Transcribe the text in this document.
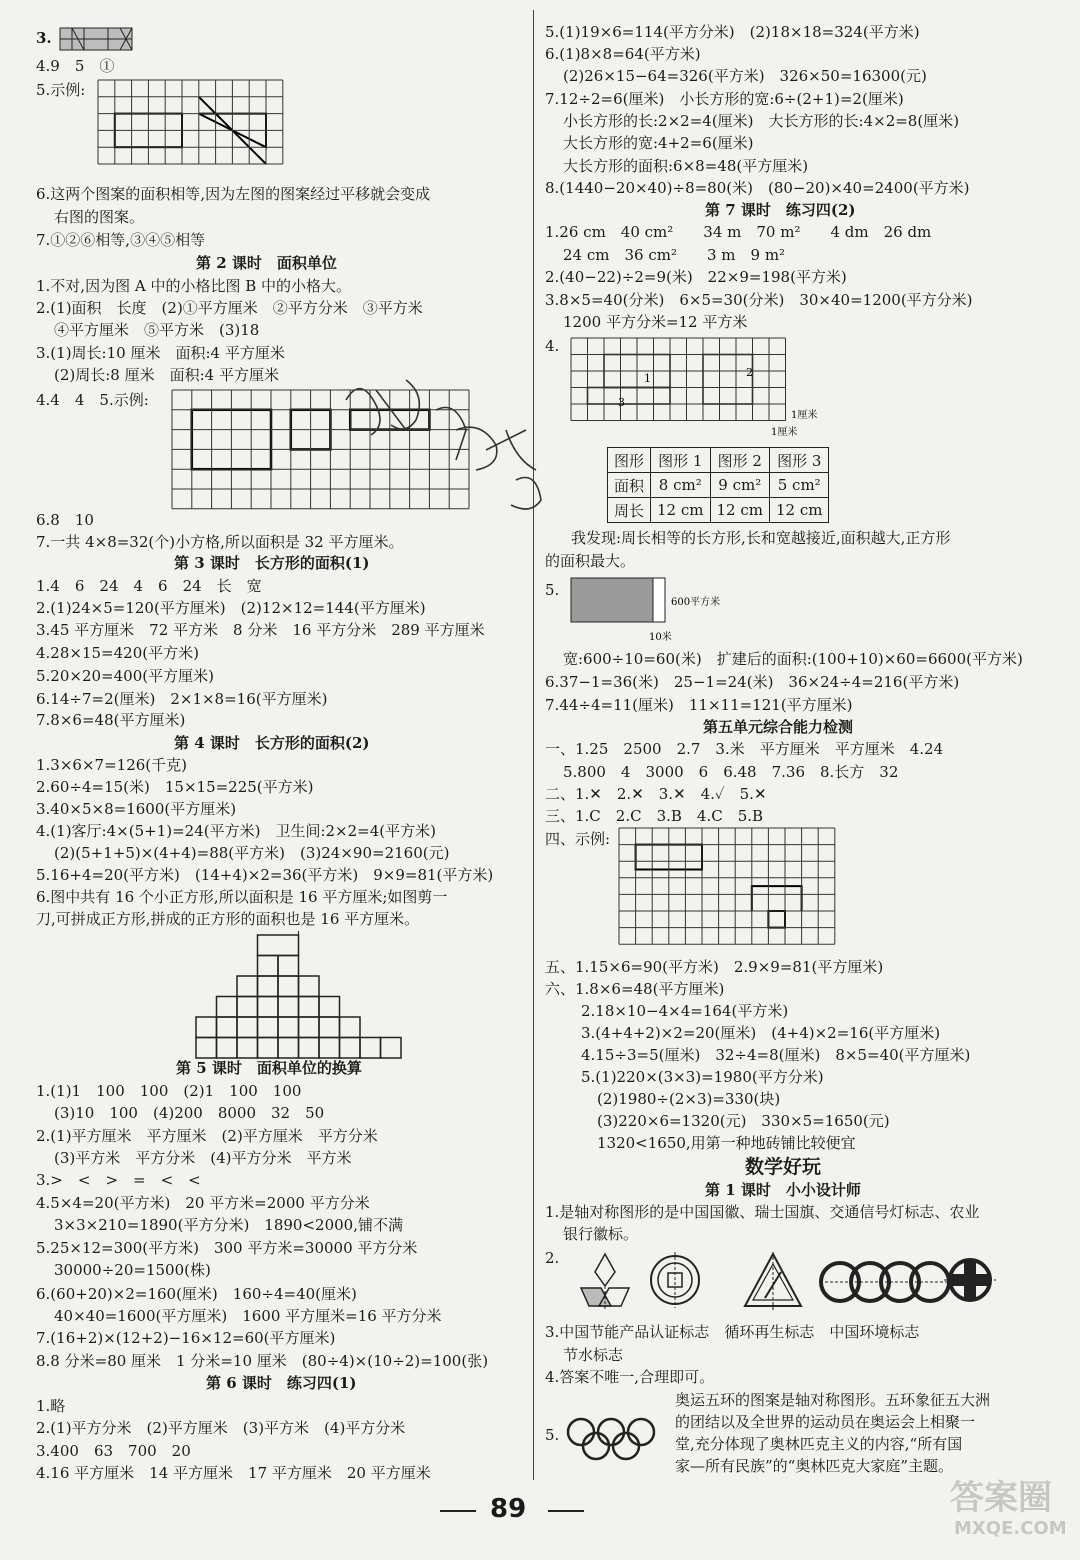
3.
4.9　5　①
5.示例:
6.这两个图案的面积相等,因为左图的图案经过平移就会变成
右图的图案。
7.①②⑥相等,③④⑤相等
第 2 课时　面积单位
1.不对,因为图 A 中的小格比图 B 中的小格大。
2.(1)面积　长度　(2)①平方厘米　②平方分米　③平方米
④平方厘米　⑤平方米　(3)18
3.(1)周长:10 厘米　面积:4 平方厘米
(2)周长:8 厘米　面积:4 平方厘米
4.4　4　5.示例:
6.8　10
7.一共 4×8=32(个)小方格,所以面积是 32 平方厘米。
第 3 课时　长方形的面积(1)
1.4　6　24　4　6　24　长　宽
2.(1)24×5=120(平方厘米)　(2)12×12=144(平方厘米)
3.45 平方厘米　72 平方米　8 分米　16 平方分米　289 平方厘米
4.28×15=420(平方米)
5.20×20=400(平方厘米)
6.14÷7=2(厘米)　2×1×8=16(平方厘米)
7.8×6=48(平方厘米)
第 4 课时　长方形的面积(2)
1.3×6×7=126(千克)
2.60÷4=15(米)　15×15=225(平方米)
3.40×5×8=1600(平方厘米)
4.(1)客厅:4×(5+1)=24(平方米)　卫生间:2×2=4(平方米)
(2)(5+1+5)×(4+4)=88(平方米)　(3)24×90=2160(元)
5.16+4=20(平方米)　(14+4)×2=36(平方米)　9×9=81(平方米)
6.图中共有 16 个小正方形,所以面积是 16 平方厘米;如图剪一
刀,可拼成正方形,拼成的正方形的面积也是 16 平方厘米。
第 5 课时　面积单位的换算
1.(1)1　100　100　(2)1　100　100
(3)10　100　(4)200　8000　32　50
2.(1)平方厘米　平方厘米　(2)平方厘米　平方分米
(3)平方米　平方分米　(4)平方分米　平方米
3.>　<　>　=　<　<
4.5×4=20(平方米)　20 平方米=2000 平方分米
3×3×210=1890(平方分米)　1890<2000,铺不满
5.25×12=300(平方米)　300 平方米=30000 平方分米
30000÷20=1500(株)
6.(60+20)×2=160(厘米)　160÷4=40(厘米)
40×40=1600(平方厘米)　1600 平方厘米=16 平方分米
7.(16+2)×(12+2)−16×12=60(平方厘米)
8.8 分米=80 厘米　1 分米=10 厘米　(80÷4)×(10÷2)=100(张)
第 6 课时　练习四(1)
1.略
2.(1)平方分米　(2)平方厘米　(3)平方米　(4)平方分米
3.400　63　700　20
4.16 平方厘米　14 平方厘米　17 平方厘米　20 平方厘米
5.(1)19×6=114(平方分米)　(2)18×18=324(平方米)
6.(1)8×8=64(平方米)
(2)26×15−64=326(平方米)　326×50=16300(元)
7.12÷2=6(厘米)　小长方形的宽:6÷(2+1)=2(厘米)
小长方形的长:2×2=4(厘米)　大长方形的长:4×2=8(厘米)
大长方形的宽:4+2=6(厘米)
大长方形的面积:6×8=48(平方厘米)
8.(1440−20×40)÷8=80(米)　(80−20)×40=2400(平方米)
第 7 课时　练习四(2)
1.26 cm　40 cm²　　34 m　70 m²　　4 dm　26 dm
24 cm　36 cm²　　3 m　9 m²
2.(40−22)÷2=9(米)　22×9=198(平方米)
3.8×5=40(分米)　6×5=30(分米)　30×40=1200(平方分米)
1200 平方分米=12 平方米
4.
1	2
3
1厘米
1厘米
图形	图形 1	图形 2	图形 3
面积	8 cm²	9 cm²	5 cm²
周长	12 cm	12 cm	12 cm
我发现:周长相等的长方形,长和宽越接近,面积越大,正方形
的面积最大。
5.
600平方米
10米
宽:600÷10=60(米)　扩建后的面积:(100+10)×60=6600(平方米)
6.37−1=36(米)　25−1=24(米)　36×24÷4=216(平方米)
7.44÷4=11(厘米)　11×11=121(平方厘米)
第五单元综合能力检测
一、1.25　2500　2.7　3.米　平方厘米　平方厘米　4.24
5.800　4　3000　6　6.48　7.36　8.长方　32
二、1.✕　2.✕　3.✕　4.✓　5.✕
三、1.C　2.C　3.B　4.C　5.B
四、示例:
五、1.15×6=90(平方米)　2.9×9=81(平方厘米)
六、1.8×6=48(平方厘米)
2.18×10−4×4=164(平方米)
3.(4+4+2)×2=20(厘米)　(4+4)×2=16(平方厘米)
4.15÷3=5(厘米)　32÷4=8(厘米)　8×5=40(平方厘米)
5.(1)220×(3×3)=1980(平方分米)
(2)1980÷(2×3)=330(块)
(3)220×6=1320(元)　330×5=1650(元)
1320<1650,用第一种地砖铺比较便宜
数学好玩
第 1 课时　小小设计师
1.是轴对称图形的是中国国徽、瑞士国旗、交通信号灯标志、农业
银行徽标。
2.
3.中国节能产品认证标志　循环再生标志　中国环境标志
节水标志
4.答案不唯一,合理即可。
5.
奥运五环的图案是轴对称图形。五环象征五大洲
的团结以及全世界的运动员在奥运会上相聚一
堂,充分体现了奥林匹克主义的内容,“所有国
家—所有民族”的“奥林匹克大家庭”主题。
89	答案圈
MXQE.COM
